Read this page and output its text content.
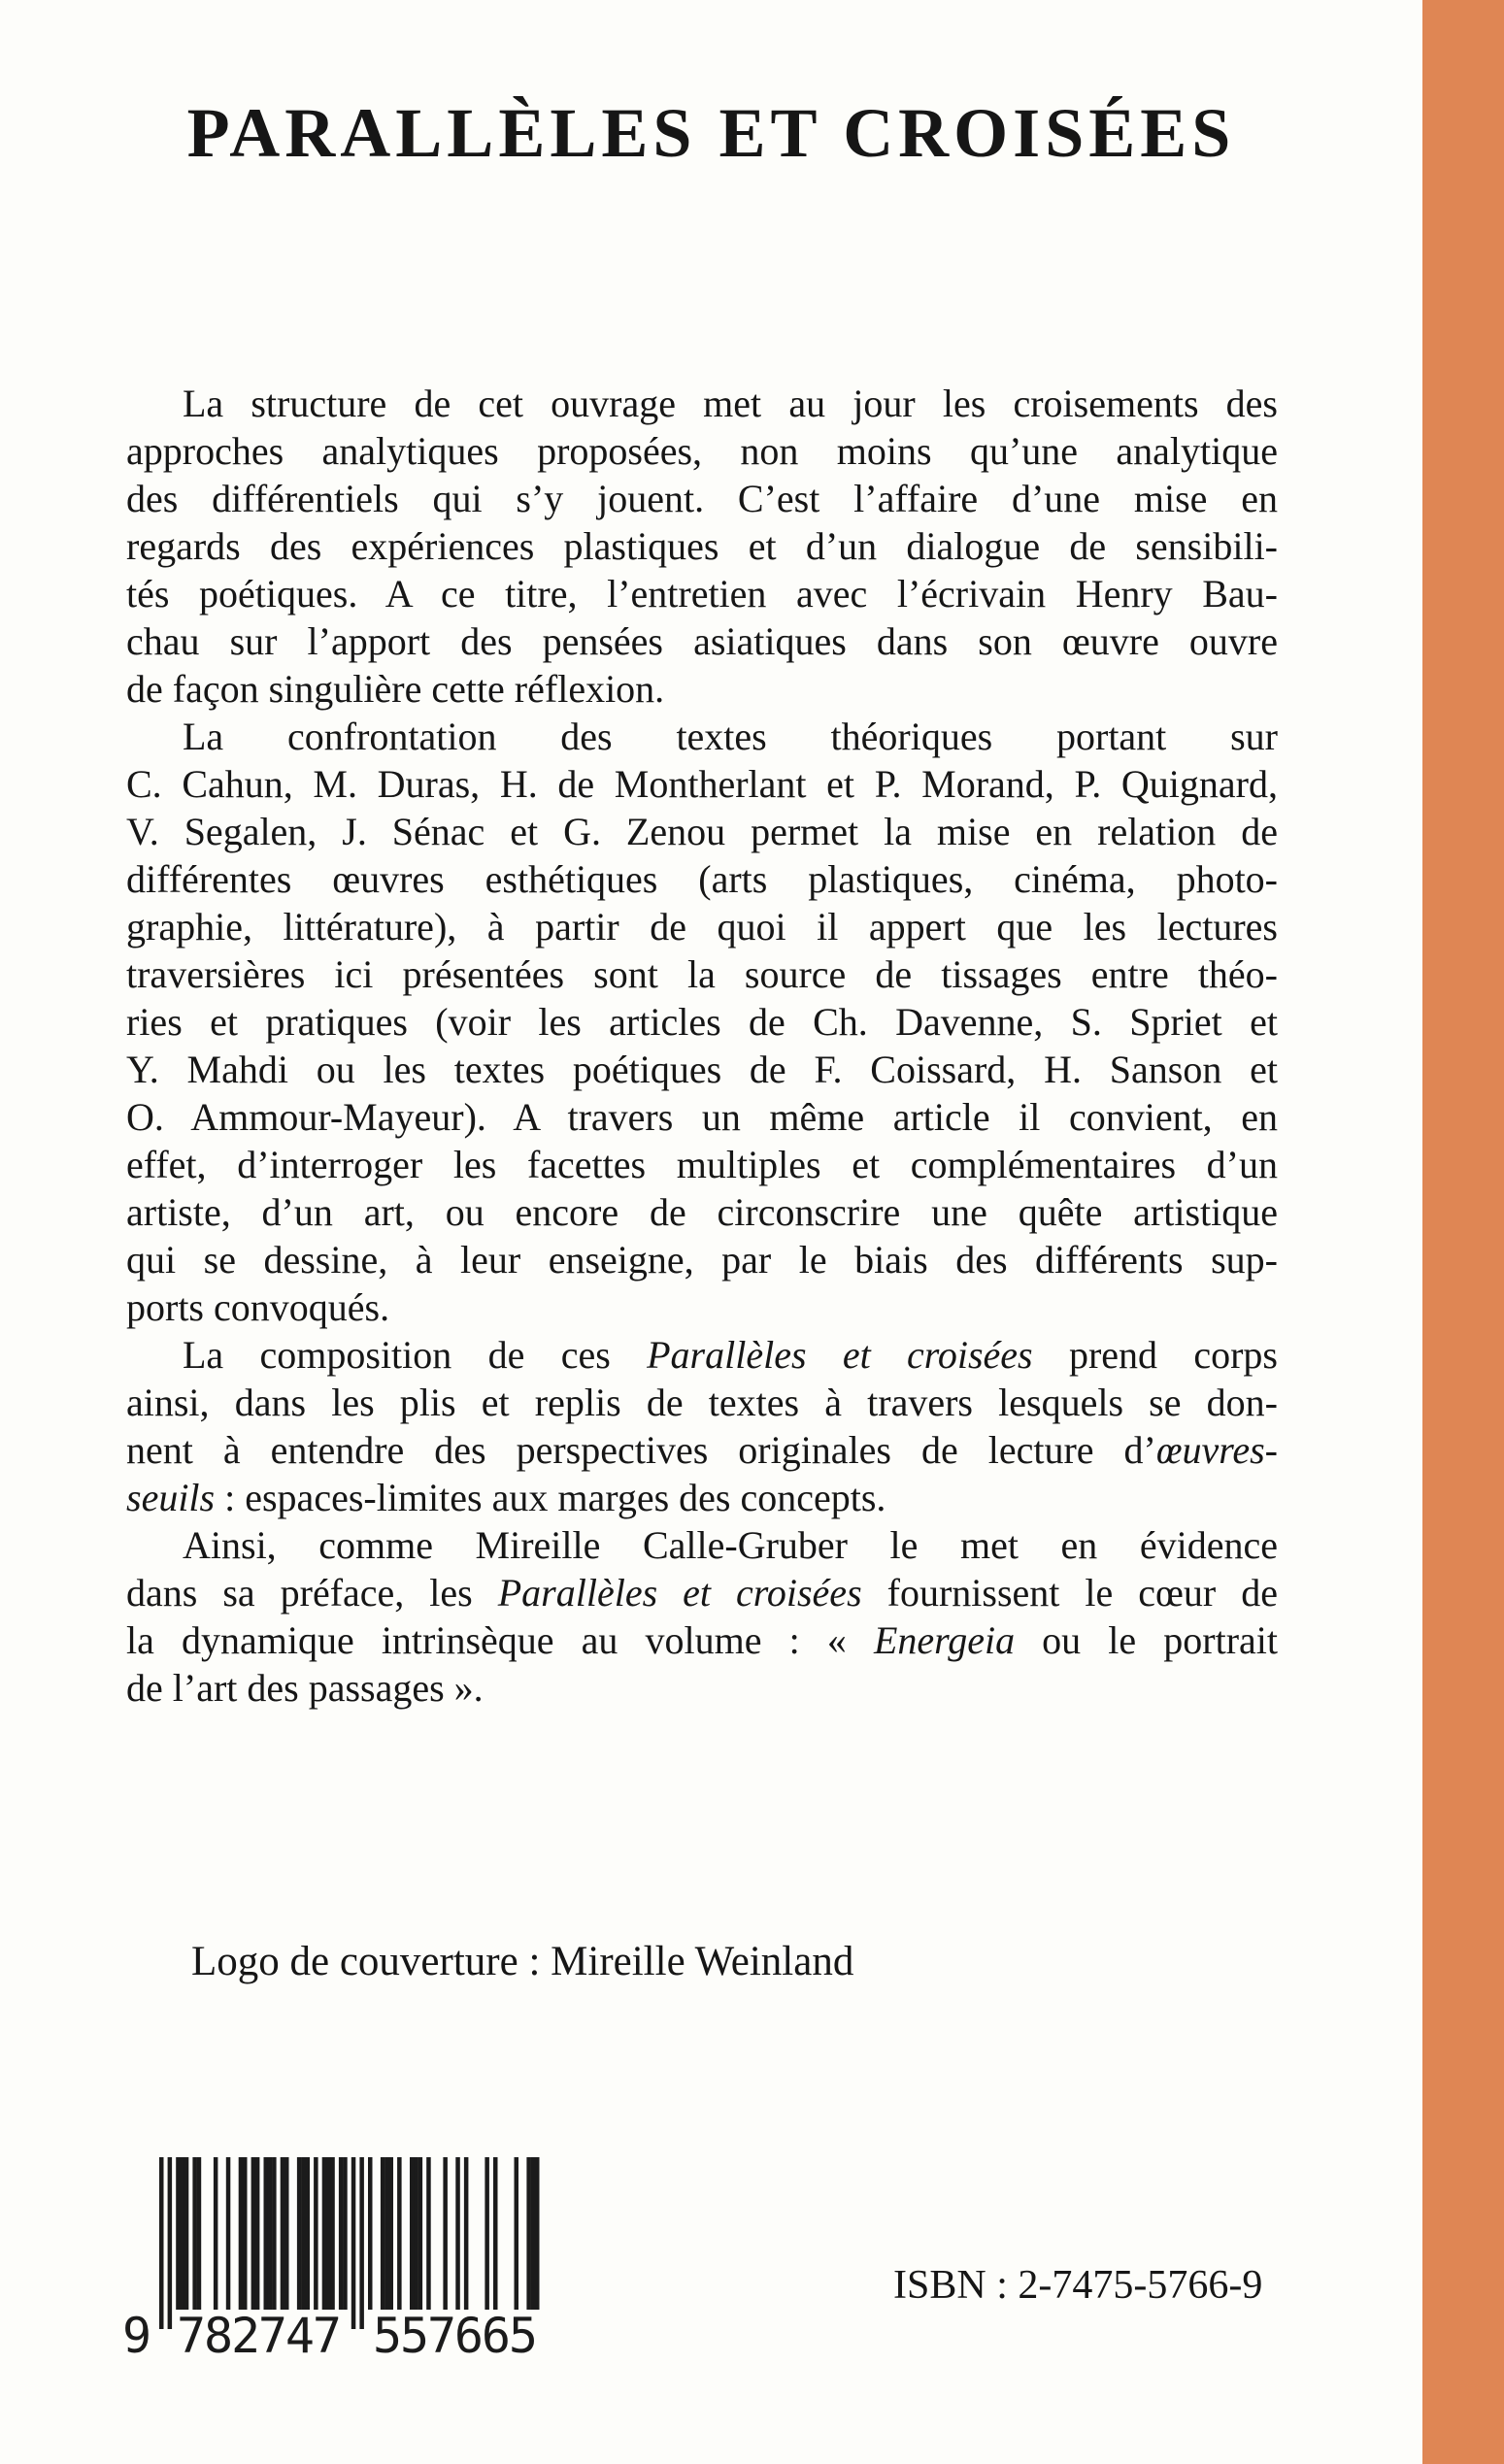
PARALLÈLES ET CROISÉES
La structure de cet ouvrage met au jour les croisements des
approches analytiques proposées, non moins qu’une analytique
des différentiels qui s’y jouent. C’est l’affaire d’une mise en
regards des expériences plastiques et d’un dialogue de sensibili-
tés poétiques. A ce titre, l’entretien avec l’écrivain Henry Bau-
chau sur l’apport des pensées asiatiques dans son œuvre ouvre
de façon singulière cette réflexion.
La confrontation des textes théoriques portant sur
C. Cahun, M. Duras, H. de Montherlant et P. Morand, P. Quignard,
V. Segalen, J. Sénac et G. Zenou permet la mise en relation de
différentes œuvres esthétiques (arts plastiques, cinéma, photo-
graphie, littérature), à partir de quoi il appert que les lectures
traversières ici présentées sont la source de tissages entre théo-
ries et pratiques (voir les articles de Ch. Davenne, S. Spriet et
Y. Mahdi ou les textes poétiques de F. Coissard, H. Sanson et
O. Ammour-Mayeur). A travers un même article il convient, en
effet, d’interroger les facettes multiples et complémentaires d’un
artiste, d’un art, ou encore de circonscrire une quête artistique
qui se dessine, à leur enseigne, par le biais des différents sup-
ports convoqués.
La composition de ces Parallèles et croisées prend corps
ainsi, dans les plis et replis de textes à travers lesquels se don-
nent à entendre des perspectives originales de lecture d’œuvres-
seuils : espaces-limites aux marges des concepts.
Ainsi, comme Mireille Calle-Gruber le met en évidence
dans sa préface, les Parallèles et croisées fournissent le cœur de
la dynamique intrinsèque au volume : « Energeia ou le portrait
de l’art des passages ».
Logo de couverture : Mireille Weinland
9 782747 557665
ISBN : 2-7475-5766-9
